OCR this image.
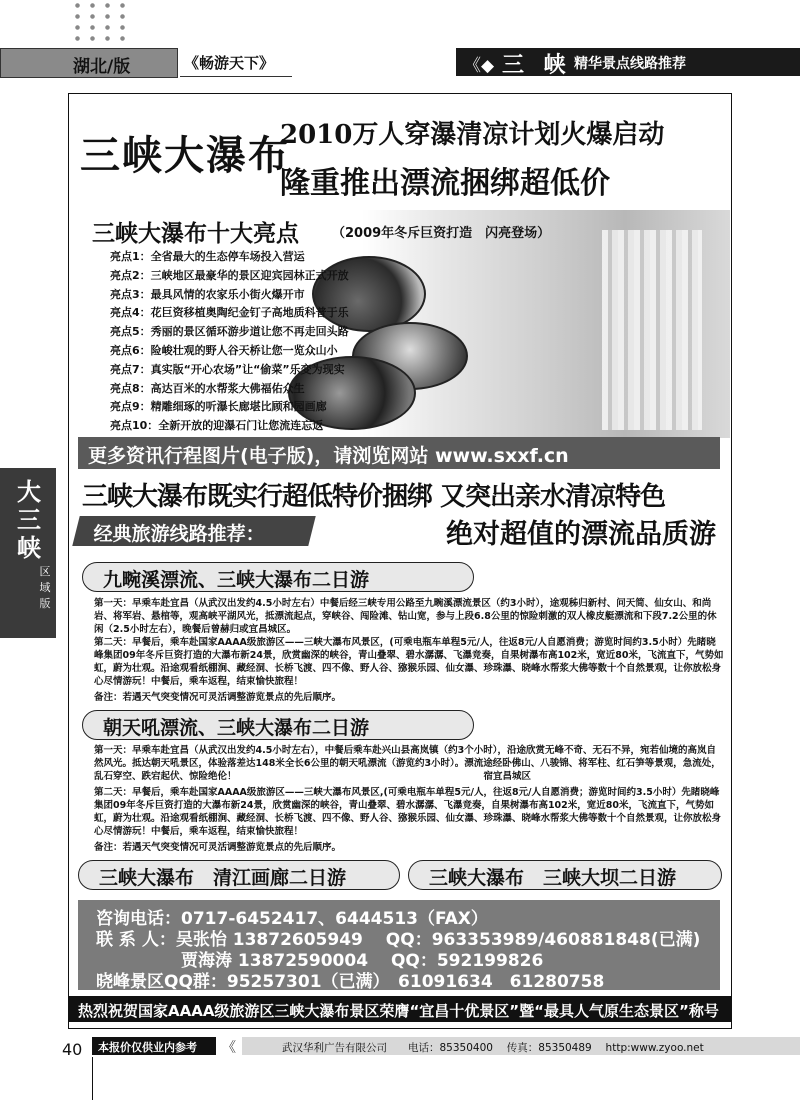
湖北/版	《畅游天下》	《◆ 三 峡 精华景点线路推荐
大三峡
区域版
三峡大瀑布
2010万人穿瀑清凉计划火爆启动
隆重推出漂流捆绑超低价
三峡大瀑布十大亮点	（2009年冬斥巨资打造　闪亮登场）
亮点1：全省最大的生态停车场投入营运
亮点2：三峡地区最豪华的景区迎宾园林正式开放
亮点3：最具风情的农家乐小街火爆开市
亮点4：花巨资移植奥陶纪金钉子高地质科普于乐
亮点5：秀丽的景区循环游步道让您不再走回头路
亮点6：险峻壮观的野人谷天桥让您一览众山小
亮点7：真实版“开心农场”让“偷菜”乐变为现实
亮点8：高达百米的水帮浆大佛福佑众生
亮点9：精雕细琢的听瀑长廊堪比顾和园画廊
亮点10：全新开放的迎瀑石门让您流连忘返
更多资讯行程图片(电子版)，请浏览网站 www.sxxf.cn
三峡大瀑布既实行超低特价捆绑 又突出亲水清凉特色
经典旅游线路推荐：	绝对超值的漂流品质游
九畹溪漂流、三峡大瀑布二日游
第一天：早乘车赴宜昌（从武汉出发约4.5小时左右）中餐后经三峡专用公路至九畹溪漂流景区（约3小时），途观秭归新村、问天简、仙女山、和尚岩、将军岩、悬棺等，观高峡平湖风光，抵漂流起点，穿峡谷、闯险滩、钻山宽，参与上段6.8公里的惊险刺激的双人橡皮艇漂流和下段7.2公里的休闲（2.5小时左右），晚餐后曾赫归或宜昌城区。
第二天：早餐后，乘车赴国家AAAA级旅游区——三峡大瀑布风景区，(可乘电瓶车单程5元/人，往返8元/人自愿消费；游览时间约3.5小时）先睹晓峰集团09年冬斥巨资打造的大瀑布新24景，欣赏幽深的峡谷，青山叠翠、碧水潺潺、飞瀑竞奏，自果树瀑布高102米，宽近80米，飞流直下，气势如虹，蔚为壮观。沿途观看纸棚涧、藏经洞、长桥飞渡、四不像、野人谷、猕猴乐园、仙女瀑、珍珠瀑、晓峰水帮浆大佛等数十个自然景观，让你放松身心尽情游玩！中餐后，乘车返程，结束愉快旅程！
备注：若遇天气突变情况可灵活调整游览景点的先后顺序。
朝天吼漂流、三峡大瀑布二日游
第一天：早乘车赴宜昌（从武汉出发约4.5小时左右），中餐后乘车赴兴山县高岚镇（约3个小时），沿途欣赏无峰不奇、无石不异，宛若仙境的高岚自然风光。抵达朝天吼景区，体验落差达148米全长6公里的朝天吼漂流（游览约3小时）。漂流途经卧佛山、八骏锦、将军柱、红石笋等景观，急流处，乱石穿空、跌宕起伏、惊险绝伦！　　　　　　　　　　　　　　　　　　　　　　　　　　宿宜昌城区
第二天：早餐后，乘车赴国家AAAA级旅游区——三峡大瀑布风景区,(可乘电瓶车单程5元/人，往返8元/人自愿消费；游览时间约3.5小时）先睹晓峰集团09年冬斥巨资打造的大瀑布新24景，欣赏幽深的峡谷，青山叠翠、碧水潺潺、飞瀑竞奏，自果树瀑布高102米，宽近80米，飞流直下，气势如虹，蔚为壮观。沿途观看纸棚涧、藏经洞、长桥飞渡、四不像、野人谷、猕猴乐园、仙女瀑、珍珠瀑、晓峰水帮浆大佛等数十个自然景观，让你放松身心尽情游玩！中餐后，乘车返程，结束愉快旅程！
备注：若遇天气突变情况可灵活调整游览景点的先后顺序。
三峡大瀑布　清江画廊二日游	三峡大瀑布　三峡大坝二日游
咨询电话：0717-6452417、6444513（FAX）
联 系 人：吴张怡 13872605949　 QQ：963353989/460881848(已满)
　　　　　贾海涛 13872590004　 QQ：592199826
晓峰景区QQ群：95257301（已满）　61091634　61280758
热烈祝贺国家AAAA级旅游区三峡大瀑布景区荣膺“宜昌十优景区”暨“最具人气原生态景区”称号
40 本报价仅供业内参考 《	武汉华利广告有限公司　　电话：85350400　 传真：85350489　 http:www.zyoo.net
